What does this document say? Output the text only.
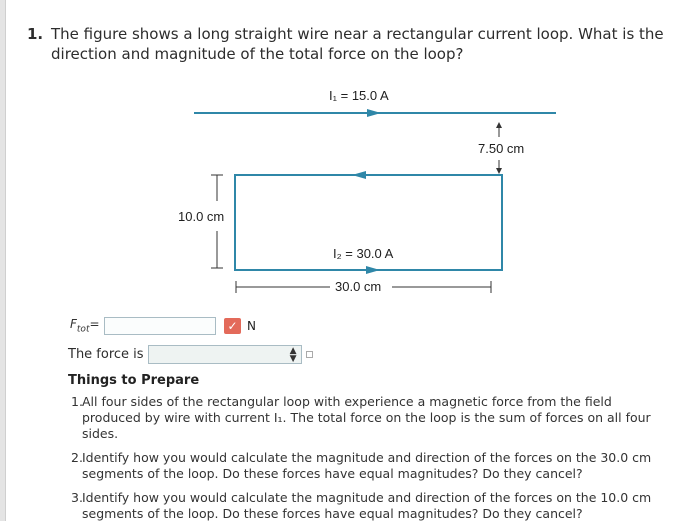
1. The figure shows a long straight wire near a rectangular current loop. What is the direction and magnitude of the total force on the loop?
I₁ = 15.0 A
7.50 cm
I₂ = 30.0 A
10.0 cm
30.0 cm
$F_{tot}=$	✓ N
The force is	▲
▼
Things to Prepare
1. All four sides of the rectangular loop with experience a magnetic force from the field produced by wire with current I₁. The total force on the loop is the sum of forces on all four sides.
2. Identify how you would calculate the magnitude and direction of the forces on the 30.0 cm segments of the loop. Do these forces have equal magnitudes? Do they cancel?
3. Identify how you would calculate the magnitude and direction of the forces on the 10.0 cm segments of the loop. Do these forces have equal magnitudes? Do they cancel?
